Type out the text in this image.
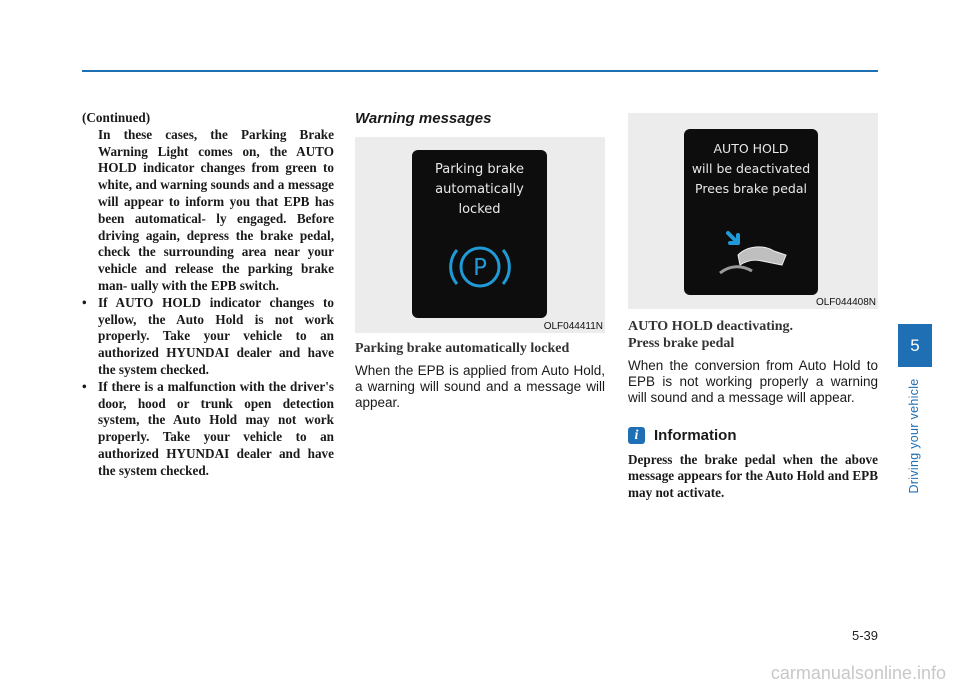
(Continued)
In these cases, the Parking Brake Warning Light comes on, the AUTO HOLD indicator changes from green to white, and warning sounds and a message will appear to inform you that EPB has been automatical- ly engaged. Before driving again, depress the brake pedal, check the surrounding area near your vehicle and release the parking brake man- ually with the EPB switch.
• If AUTO HOLD indicator changes to yellow, the Auto Hold is not work properly. Take your vehicle to an authorized HYUNDAI dealer and have the system checked.
• If there is a malfunction with the driver's door, hood or trunk open detection system, the Auto Hold may not work properly. Take your vehicle to an authorized HYUNDAI dealer and have the system checked.
Warning messages
Parking brake
automatically
locked
P
OLF044411N
Parking brake automatically locked
When the EPB is applied from Auto Hold, a warning will sound and a message will appear.
AUTO HOLD
will be deactivated
Prees brake pedal
OLF044408N
AUTO HOLD deactivating.
Press brake pedal
When the conversion from Auto Hold to EPB is not working properly a warning will sound and a message will appear.
i	Information
Depress the brake pedal when the above message appears for the Auto Hold and EPB may not activate.
5
Driving your vehicle
5-39
carmanualsonline.info
